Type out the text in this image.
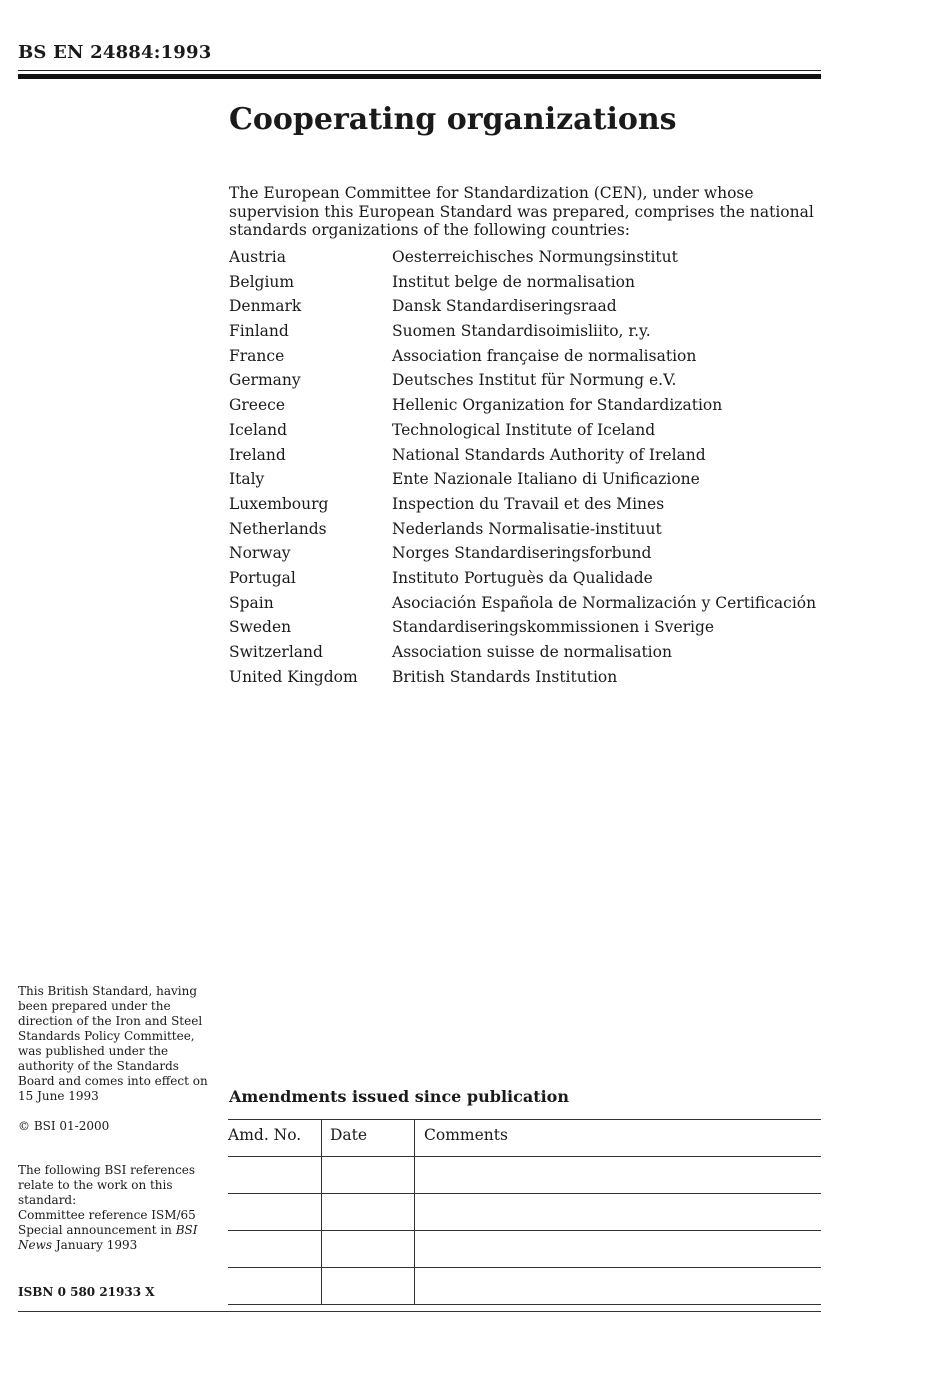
BS EN 24884:1993
Cooperating organizations

The European Committee for Standardization (CEN), under whose supervision this European Standard was prepared, comprises the national standards organizations of the following countries:

Austria	Oesterreichisches Normungsinstitut
Belgium	Institut belge de normalisation
Denmark	Dansk Standardiseringsraad
Finland	Suomen Standardisoimisliito, r.y.
France	Association française de normalisation
Germany	Deutsches Institut für Normung e.V.
Greece	Hellenic Organization for Standardization
Iceland	Technological Institute of Iceland
Ireland	National Standards Authority of Ireland
Italy	Ente Nazionale Italiano di Unificazione
Luxembourg	Inspection du Travail et des Mines
Netherlands	Nederlands Normalisatie-instituut
Norway	Norges Standardiseringsforbund
Portugal	Instituto Portuguès da Qualidade
Spain	Asociación Española de Normalización y Certificación
Sweden	Standardiseringskommissionen i Sverige
Switzerland	Association suisse de normalisation
United Kingdom British Standards Institution
This British Standard, having been prepared under the direction of the Iron and Steel Standards Policy Committee, was published under the authority of the Standards Board and comes into effect on 15 June 1993
© BSI 01-2000
The following BSI references relate to the work on this standard:
Committee reference ISM/65
Special announcement in BSI News January 1993
ISBN 0 580 21933 X
Amendments issued since publication
Amd. No. Date	Comments
